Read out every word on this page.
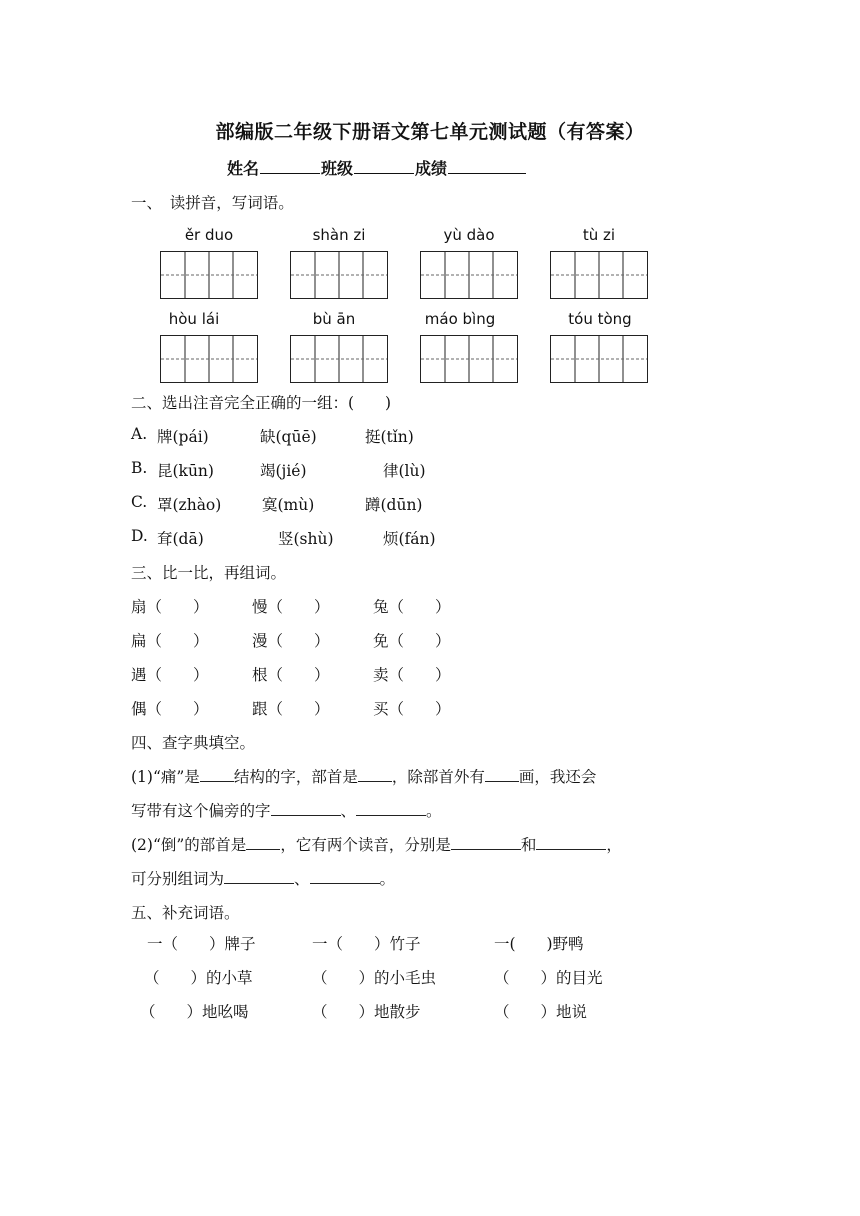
部编版二年级下册语文第七单元测试题（有答案）
姓名	班级	成绩
一、　读拼音，写词语。
ěr duo	shàn zi	yù dào	tù zi
hòu lái	bù ān	máo bìng	tóu tòng
二、选出注音完全正确的一组：(　　)
A. 牌(pái)	缺(qūē)	挺(tǐn)
B. 昆(kūn)	竭(jié)	律(lù)
C. 罩(zhào)	寞(mù)	蹲(dūn)
D. 耷(dā)	竖(shù)	烦(fán)
三、比一比，再组词。
扇（　　）	慢（　　）	兔（　　）
扁（　　）	漫（　　）	免（　　）
遇（　　）	根（　　）	卖（　　）
偶（　　）	跟（　　）	买（　　）
四、查字典填空。
(1)“痛”是 结构的字，部首是 ，除部首外有 画，我还会
写带有这个偏旁的字	、	。
(2)“倒”的部首是 ，它有两个读音，分别是	和	，
可分别组词为	、	。
五、补充词语。
一（　　）牌子	一（　　）竹子	一(　　)野鸭
（　　）的小草	（　　）的小毛虫	（　　）的目光
（　　）地吆喝	（　　）地散步	（　　）地说
